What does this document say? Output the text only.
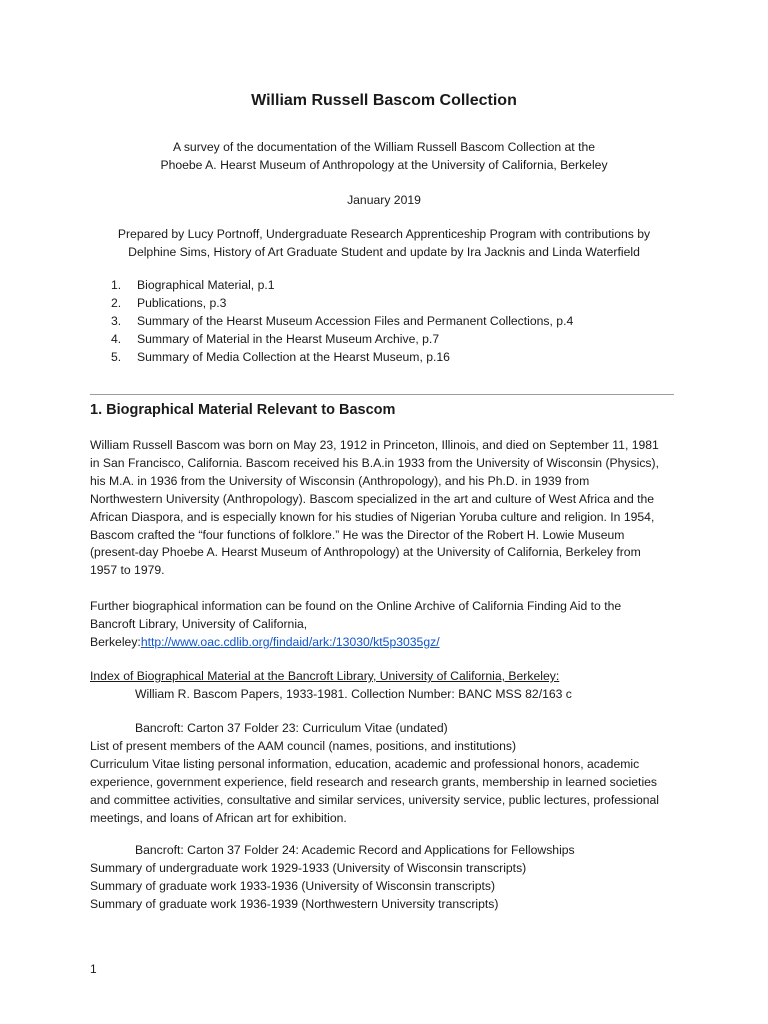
William Russell Bascom Collection

A survey of the documentation of the William Russell Bascom Collection at the

Phoebe A. Hearst Museum of Anthropology at the University of California, Berkeley

January 2019

Prepared by Lucy Portnoff, Undergraduate Research Apprenticeship Program with contributions by

Delphine Sims, History of Art Graduate Student and update by Ira Jacknis and Linda Waterfield

1. Biographical Material, p.1
2. Publications, p.3
3. Summary of the Hearst Museum Accession Files and Permanent Collections, p.4
4. Summary of Material in the Hearst Museum Archive, p.7
5. Summary of Media Collection at the Hearst Museum, p.16
1. Biographical Material Relevant to Bascom

William Russell Bascom was born on May 23, 1912 in Princeton, Illinois, and died on September 11, 1981
in San Francisco, California. Bascom received his B.A.in 1933 from the University of Wisconsin (Physics),
his M.A. in 1936 from the University of Wisconsin (Anthropology), and his Ph.D. in 1939 from
Northwestern University (Anthropology). Bascom specialized in the art and culture of West Africa and the
African Diaspora, and is especially known for his studies of Nigerian Yoruba culture and religion. In 1954,
Bascom crafted the “four functions of folklore.” He was the Director of the Robert H. Lowie Museum
(present-day Phoebe A. Hearst Museum of Anthropology) at the University of California, Berkeley from
1957 to 1979.

Further biographical information can be found on the Online Archive of California Finding Aid to the
Bancroft Library, University of California,
Berkeley:http://www.oac.cdlib.org/findaid/ark:/13030/kt5p3035gz/

Index of Biographical Material at the Bancroft Library, University of California, Berkeley:
William R. Bascom Papers, 1933-1981. Collection Number: BANC MSS 82/163 c

Bancroft: Carton 37 Folder 23: Curriculum Vitae (undated)
List of present members of the AAM council (names, positions, and institutions)
Curriculum Vitae listing personal information, education, academic and professional honors, academic
experience, government experience, field research and research grants, membership in learned societies
and committee activities, consultative and similar services, university service, public lectures, professional
meetings, and loans of African art for exhibition.

Bancroft: Carton 37 Folder 24: Academic Record and Applications for Fellowships
Summary of undergraduate work 1929-1933 (University of Wisconsin transcripts)
Summary of graduate work 1933-1936 (University of Wisconsin transcripts)
Summary of graduate work 1936-1939 (Northwestern University transcripts)

1
